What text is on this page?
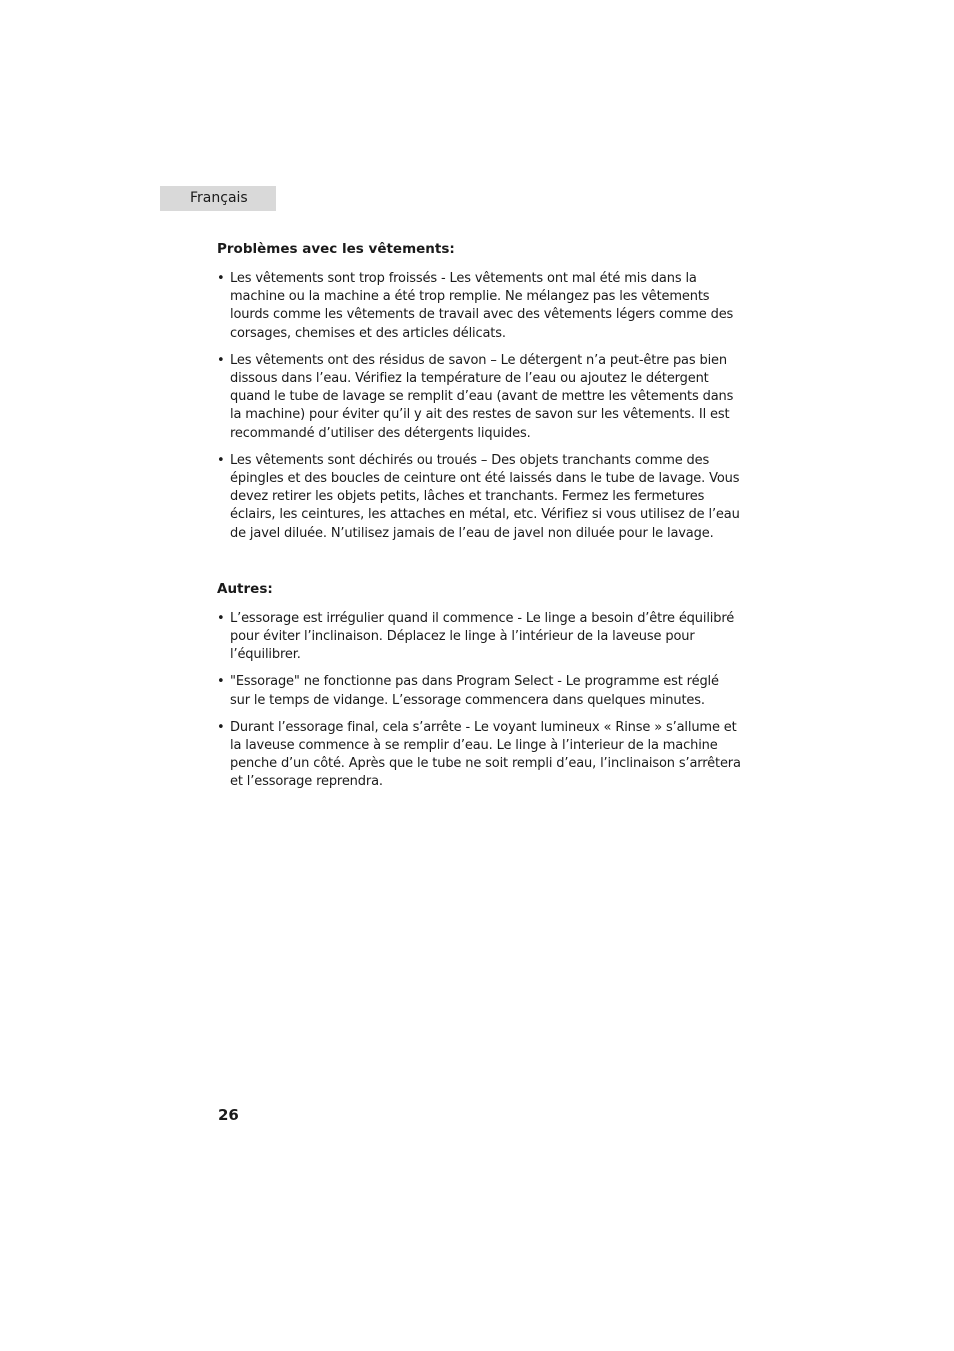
Français
Problèmes avec les vêtements:
• Les vêtements sont trop froissés - Les vêtements ont mal été mis dans la machine ou la machine a été trop remplie. Ne mélangez pas les vêtements lourds comme les vêtements de travail avec des vêtements légers comme des corsages, chemises et des articles délicats.
• Les vêtements ont des résidus de savon – Le détergent n’a peut-être pas bien dissous dans l’eau. Vérifiez la température de l’eau ou ajoutez le détergent quand le tube de lavage se remplit d’eau (avant de mettre les vêtements dans la machine) pour éviter qu’il y ait des restes de savon sur les vêtements. Il est recommandé d’utiliser des détergents liquides.
• Les vêtements sont déchirés ou troués – Des objets tranchants comme des épingles et des boucles de ceinture ont été laissés dans le tube de lavage. Vous devez retirer les objets petits, lâches et tranchants. Fermez les fermetures éclairs, les ceintures, les attaches en métal, etc. Vérifiez si vous utilisez de l’eau de javel diluée. N’utilisez jamais de l’eau de javel non diluée pour le lavage.
Autres:
• L’essorage est irrégulier quand il commence - Le linge a besoin d’être équilibré pour éviter l’inclinaison. Déplacez le linge à l’intérieur de la laveuse pour l’équilibrer.
• "Essorage" ne fonctionne pas dans Program Select - Le programme est réglé sur le temps de vidange. L’essorage commencera dans quelques minutes.
• Durant l’essorage final, cela s’arrête - Le voyant lumineux « Rinse » s’allume et la laveuse commence à se remplir d’eau. Le linge à l’interieur de la machine penche d’un côté. Après que le tube ne soit rempli d’eau, l’inclinaison s’arrêtera et l’essorage reprendra.
26
